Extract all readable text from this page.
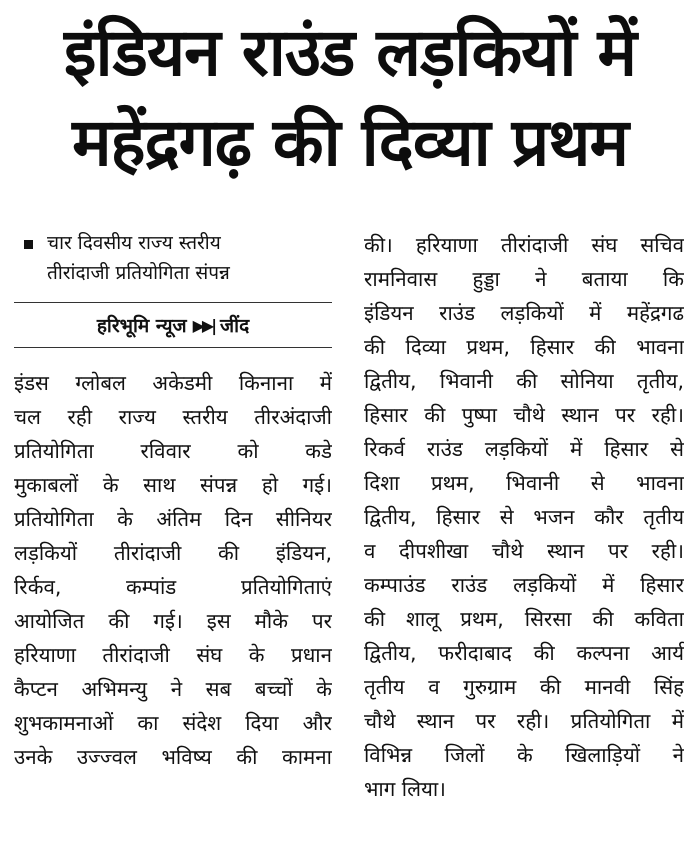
इंडियन राउंड लड़कियों में
महेंद्रगढ़ की दिव्या प्रथम
चार दिवसीय राज्य स्तरीय
तीरांदाजी प्रतियोगिता संपन्न
हरिभूमि न्यूज ▶▶| जींद
इंडस ग्लोबल अकेडमी किनाना में
चल रही राज्य स्तरीय तीरअंदाजी
प्रतियोगिता रविवार को कडे
मुकाबलों के साथ संपन्न हो गई।
प्रतियोगिता के अंतिम दिन सीनियर
लड़कियों तीरांदाजी की इंडियन,
रिर्कव, कम्पांड प्रतियोगिताएं
आयोजित की गई। इस मौके पर
हरियाणा तीरांदाजी संघ के प्रधान
कैप्टन अभिमन्यु ने सब बच्चों के
शुभकामनाओं का संदेश दिया और
उनके उज्ज्वल भविष्य की कामना
की। हरियाणा तीरांदाजी संघ सचिव
रामनिवास हुड्डा ने बताया कि
इंडियन राउंड लड़कियों में महेंद्रगढ
की दिव्या प्रथम, हिसार की भावना
द्वितीय, भिवानी की सोनिया तृतीय,
हिसार की पुष्पा चौथे स्थान पर रही।
रिकर्व राउंड लड़कियों में हिसार से
दिशा प्रथम, भिवानी से भावना
द्वितीय, हिसार से भजन कौर तृतीय
व दीपशीखा चौथे स्थान पर रही।
कम्पाउंड राउंड लड़कियों में हिसार
की शालू प्रथम, सिरसा की कविता
द्वितीय, फरीदाबाद की कल्पना आर्य
तृतीय व गुरुग्राम की मानवी सिंह
चौथे स्थान पर रही। प्रतियोगिता में
विभिन्न जिलों के खिलाड़ियों ने
भाग लिया।
